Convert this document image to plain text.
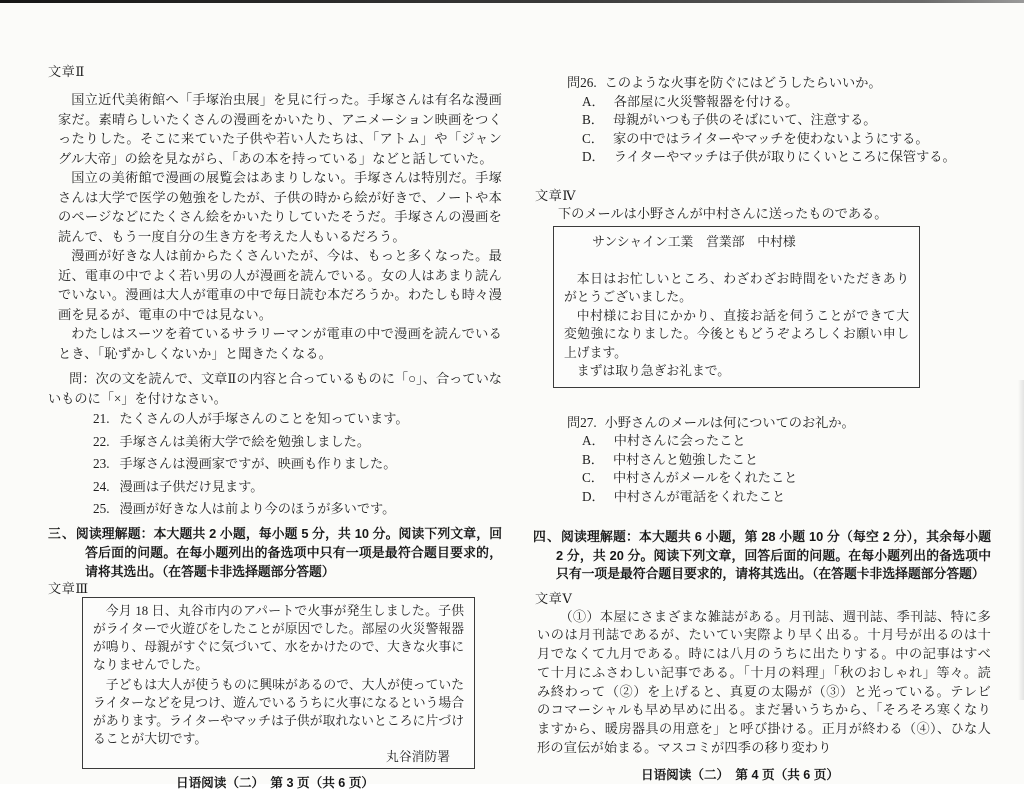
文章Ⅱ

国立近代美術館へ「手塚治虫展」を見に行った。手塚さんは有名な漫画家だ。素晴らしいたくさんの漫画をかいたり、アニメーション映画をつくったりした。そこに来ていた子供や若い人たちは、「アトム」や「ジャングル大帝」の絵を見ながら、「あの本を持っている」などと話していた。

国立の美術館で漫画の展覧会はあまりしない。手塚さんは特別だ。手塚さんは大学で医学の勉強をしたが、子供の時から絵が好きで、ノートや本のページなどにたくさん絵をかいたりしていたそうだ。手塚さんの漫画を読んで、もう一度自分の生き方を考えた人もいるだろう。

漫画が好きな人は前からたくさんいたが、今は、もっと多くなった。最近、電車の中でよく若い男の人が漫画を読んでいる。女の人はあまり読んでいない。漫画は大人が電車の中で毎日読む本だろうか。わたしも時々漫画を見るが、電車の中では見ない。

わたしはスーツを着ているサラリーマンが電車の中で漫画を読んでいるとき、「恥ずかしくないか」と聞きたくなる。

問：次の文を読んで、文章Ⅱの内容と合っているものに「○」、合っていないものに「×」を付けなさい。

21. たくさんの人が手塚さんのことを知っています。
22. 手塚さんは美術大学で絵を勉強しました。
23. 手塚さんは漫画家ですが、映画も作りました。
24. 漫画は子供だけ見ます。
25. 漫画が好きな人は前より今のほうが多いです。
三、阅读理解题：本大题共 2 小题，每小题 5 分，共 10 分。阅读下列文章，回答后面的问题。在每小题列出的备选项中只有一项是最符合题目要求的，请将其选出。（在答题卡非选择题部分答题）
文章Ⅲ

今月 18 日、丸谷市内のアパートで火事が発生しました。子供がライターで火遊びをしたことが原因でした。部屋の火災警報器が鳴り、母親がすぐに気づいて、水をかけたので、大きな火事になりませんでした。

子どもは大人が使うものに興味があるので、大人が使っていたライターなどを見つけ、遊んでいるうちに火事になるという場合があります。ライターやマッチは子供が取れないところに片づけることが大切です。

丸谷消防署
日语阅读（二）　第 3 页（共 6 页）
問26. このような火事を防ぐにはどうしたらいいか。
A． 各部屋に火災警報器を付ける。
B． 母親がいつも子供のそばにいて、注意する。
C． 家の中ではライターやマッチを使わないようにする。
D． ライターやマッチは子供が取りにくいところに保管する。
文章Ⅳ

下のメールは小野さんが中村さんに送ったものである。

サンシャイン工業　営業部　中村様

本日はお忙しいところ、わざわざお時間をいただきありがとうございました。

中村様にお目にかかり、直接お話を伺うことができて大変勉強になりました。今後ともどうぞよろしくお願い申し上げます。

まずは取り急ぎお礼まで。

問27. 小野さんのメールは何についてのお礼か。
A． 中村さんに会ったこと
B． 中村さんと勉強したこと
C． 中村さんがメールをくれたこと
D． 中村さんが電話をくれたこと
四、阅读理解题：本大题共 6 小题，第 28 小题 10 分（每空 2 分），其余每小题 2 分，共 20 分。阅读下列文章，回答后面的问题。在每小题列出的备选项中只有一项是最符合题目要求的，请将其选出。（在答题卡非选择题部分答题）
文章Ⅴ

（①）本屋にさまざまな雑誌がある。月刊誌、週刊誌、季刊誌、特に多いのは月刊誌であるが、たいてい実際より早く出る。十月号が出るのは十月でなくて九月である。時には八月のうちに出たりする。中の記事はすべて十月にふさわしい記事である。「十月の料理」「秋のおしゃれ」等々。読み終わって（②）を上げると、真夏の太陽が（③）と光っている。テレビのコマーシャルも早め早めに出る。まだ暑いうちから、「そろそろ寒くなりますから、暖房器具の用意を」と呼び掛ける。正月が終わる（④）、ひな人形の宣伝が始まる。マスコミが四季の移り変わり

日语阅读（二）　第 4 页（共 6 页）
